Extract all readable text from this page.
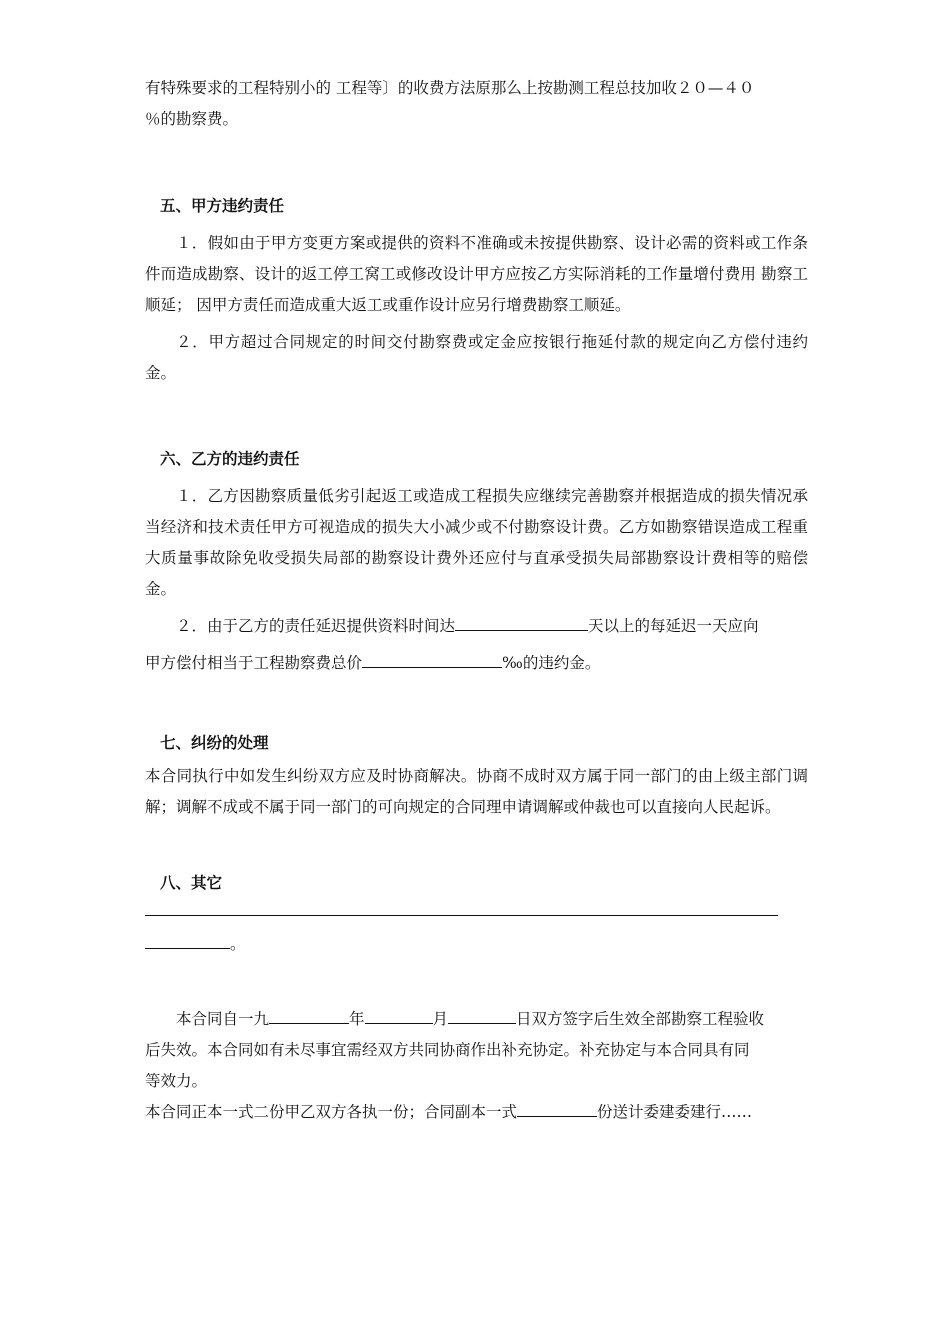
有特殊要求的工程特别小的 工程等〕的收费方法原那么上按勘测工程总技加收２０—４０

％的勘察费。

五、甲方违约责任

１．假如由于甲方变更方案或提供的资料不准确或未按提供勘察、设计必需的资料或工作条件而造成勘察、设计的返工停工窝工或修改设计甲方应按乙方实际消耗的工作量增付费用 勘察工顺延； 因甲方责任而造成重大返工或重作设计应另行增费勘察工顺延。

２．甲方超过合同规定的时间交付勘察费或定金应按银行拖延付款的规定向乙方偿付违约金。

六、乙方的违约责任

１．乙方因勘察质量低劣引起返工或造成工程损失应继续完善勘察并根据造成的损失情况承当经济和技术责任甲方可视造成的损失大小减少或不付勘察设计费。乙方如勘察错误造成工程重大质量事故除免收受损失局部的勘察设计费外还应付与直承受损失局部勘察设计费相等的赔偿金。

２．由于乙方的责任延迟提供资料时间达	天以上的每延迟一天应向

甲方偿付相当于工程勘察费总价	‰的违约金。

七、纠纷的处理

本合同执行中如发生纠纷双方应及时协商解决。协商不成时双方属于同一部门的由上级主部门调解；调解不成或不属于同一部门的可向规定的合同理申请调解或仲裁也可以直接向人民起诉。

八、其它

。

本合同自一九	年	月	日双方签字后生效全部勘察工程验收

后失效。本合同如有未尽事宜需经双方共同协商作出补充协定。补充协定与本合同具有同

等效力。

本合同正本一式二份甲乙双方各执一份；合同副本一式	份送计委建委建行……
